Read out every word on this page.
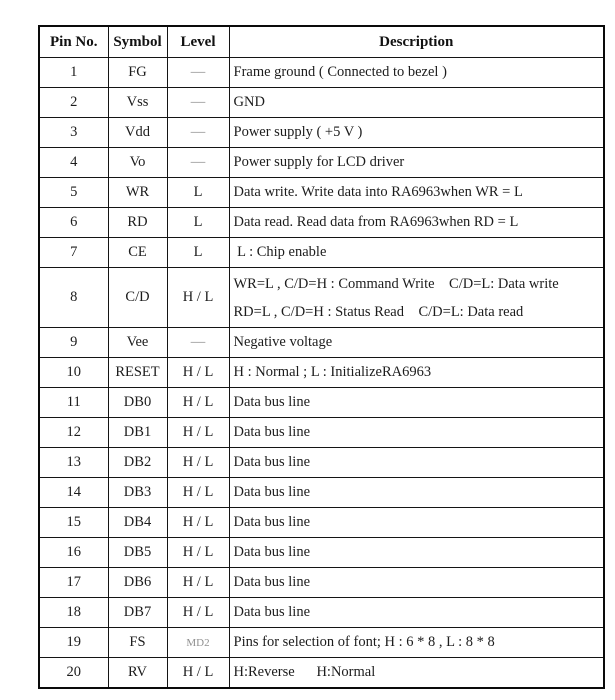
Pin No.	Symbol	Level	Description
1	FG	—	Frame ground ( Connected to bezel )

2	Vss	—	GND

3	Vdd	—	Power supply ( +5 V )

4	Vo	—	Power supply for LCD driver

5	WR	L	Data write. Write data into RA6963when WR = L

6	RD	L	Data read. Read data from RA6963when RD = L

7	CE	L	L : Chip enable

8	C/D	H / L	WR=L , C/D=H : Command Write    C/D=L: Data write
RD=L , C/D=H : Status Read    C/D=L: Data read

9	Vee	—	Negative voltage

10	RESET	H / L	H : Normal ; L : InitializeRA6963

11	DB0	H / L	Data bus line

12	DB1	H / L	Data bus line

13	DB2	H / L	Data bus line

14	DB3	H / L	Data bus line

15	DB4	H / L	Data bus line

16	DB5	H / L	Data bus line

17	DB6	H / L	Data bus line

18	DB7	H / L	Data bus line

19	FS	MD2	Pins for selection of font; H : 6 * 8 , L : 8 * 8

20	RV	H / L	H:Reverse      H:Normal
